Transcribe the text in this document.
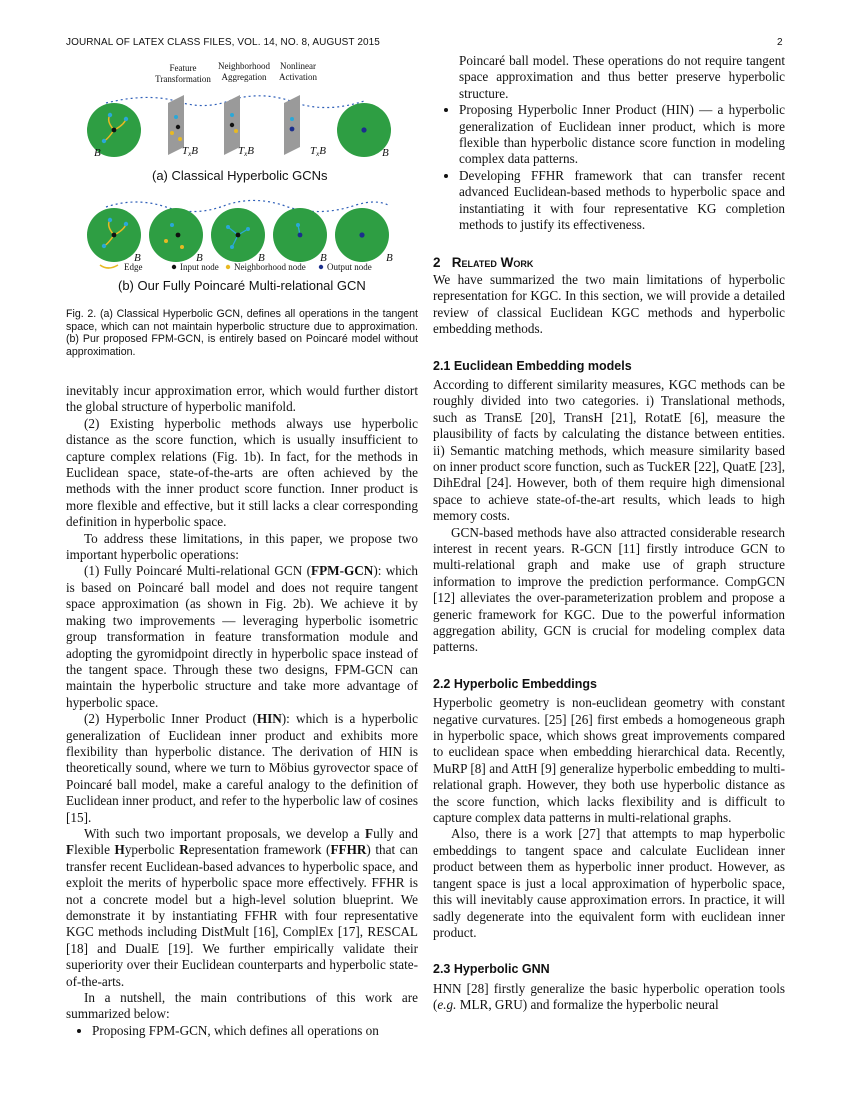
JOURNAL OF LATEX CLASS FILES, VOL. 14, NO. 8, AUGUST 2015	2
Feature
Transformation
Neighborhood
Aggregation
Nonlinear
Activation
B	B
TxB	TxB	TxB
B	B	B	B	B
Edge	Input node Neighborhood node Output node
(a) Classical Hyperbolic GCNs
(b) Our Fully Poincaré Multi-relational GCN
Fig. 2. (a) Classical Hyperbolic GCN, defines all operations in the tangent space, which can not maintain hyperbolic structure due to approximation. (b) Pur proposed FPM-GCN, is entirely based on Poincaré model without approximation.

inevitably incur approximation error, which would further distort the global structure of hyperbolic manifold.

(2) Existing hyperbolic methods always use hyperbolic distance as the score function, which is usually insufficient to capture complex relations (Fig. 1b). In fact, for the methods in Euclidean space, state-of-the-arts are often achieved by the methods with the inner product score function. Inner product is more flexible and effective, but it still lacks a clear corresponding definition in hyperbolic space.

To address these limitations, in this paper, we propose two important hyperbolic operations:

(1) Fully Poincaré Multi-relational GCN (FPM-GCN): which is based on Poincaré ball model and does not require tangent space approximation (as shown in Fig. 2b). We achieve it by making two improvements — leveraging hyperbolic isometric group transformation in feature transformation module and adopting the gyromidpoint directly in hyperbolic space instead of the tangent space. Through these two designs, FPM-GCN can maintain the hyperbolic structure and take more advantage of hyperbolic space.

(2) Hyperbolic Inner Product (HIN): which is a hyperbolic generalization of Euclidean inner product and exhibits more flexibility than hyperbolic distance. The derivation of HIN is theoretically sound, where we turn to Möbius gyrovector space of Poincaré ball model, make a careful analogy to the definition of Euclidean inner product, and refer to the hyperbolic law of cosines [15].

With such two important proposals, we develop a Fully and Flexible Hyperbolic Representation framework (FFHR) that can transfer recent Euclidean-based advances to hyperbolic space, and exploit the merits of hyperbolic space more effectively. FFHR is not a concrete model but a high-level solution blueprint. We demonstrate it by instantiating FFHR with four representative KGC methods including DistMult [16], ComplEx [17], RESCAL [18] and DualE [19]. We further empirically validate their superiority over their Euclidean counterparts and hyperbolic state-of-the-arts.

In a nutshell, the main contributions of this work are summarized below:

• Proposing FPM-GCN, which defines all operations on
Poincaré ball model. These operations do not require tangent space approximation and thus better preserve hyperbolic structure.
• Proposing Hyperbolic Inner Product (HIN) — a hyperbolic generalization of Euclidean inner product, which is more flexible than hyperbolic distance score function in modeling complex data patterns.
• Developing FFHR framework that can transfer recent advanced Euclidean-based methods to hyperbolic space and instantiating it with four representative KG completion methods to justify its effectiveness.

2 Related Work

We have summarized the two main limitations of hyperbolic representation for KGC. In this section, we will provide a detailed review of classical Euclidean KGC methods and hyperbolic embedding methods.

2.1 Euclidean Embedding models

According to different similarity measures, KGC methods can be roughly divided into two categories. i) Translational methods, such as TransE [20], TransH [21], RotatE [6], measure the plausibility of facts by calculating the distance between entities. ii) Semantic matching methods, which measure similarity based on inner product score function, such as TuckER [22], QuatE [23], DihEdral [24]. However, both of them require high dimensional space to achieve state-of-the-art results, which leads to high memory costs.

GCN-based methods have also attracted considerable research interest in recent years. R-GCN [11] firstly introduce GCN to multi-relational graph and make use of graph structure information to improve the prediction performance. CompGCN [12] alleviates the over-parameterization problem and propose a generic framework for KGC. Due to the powerful information aggregation ability, GCN is crucial for modeling complex data patterns.

2.2 Hyperbolic Embeddings

Hyperbolic geometry is non-euclidean geometry with constant negative curvatures. [25] [26] first embeds a homogeneous graph in hyperbolic space, which shows great improvements compared to euclidean space when embedding hierarchical data. Recently, MuRP [8] and AttH [9] generalize hyperbolic embedding to multi-relational graph. However, they both use hyperbolic distance as the score function, which lacks flexibility and is difficult to capture complex data patterns in multi-relational graphs.

Also, there is a work [27] that attempts to map hyperbolic embeddings to tangent space and calculate Euclidean inner product between them as hyperbolic inner product. However, as tangent space is just a local approximation of hyperbolic space, this will inevitably cause approximation errors. In practice, it will sadly degenerate into the equivalent form with euclidean inner product.

2.3 Hyperbolic GNN

HNN [28] firstly generalize the basic hyperbolic operation tools (e.g. MLR, GRU) and formalize the hyperbolic neural
